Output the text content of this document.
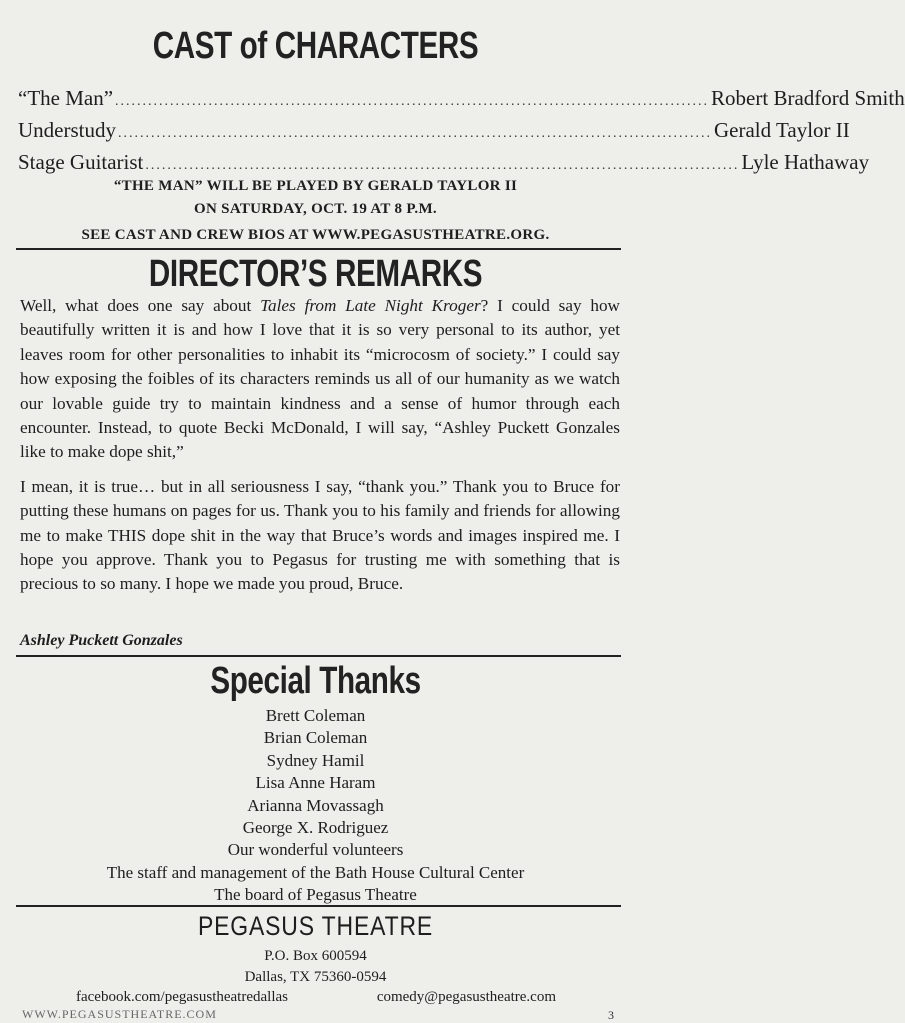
CAST of CHARACTERS
“The Man” ............................................................................................................ Robert Bradford Smith
Understudy ............................................................................................................ Gerald Taylor II
Stage Guitarist ............................................................................................................ Lyle Hathaway
“THE MAN” WILL BE PLAYED BY GERALD TAYLOR II
ON SATURDAY, OCT. 19 AT 8 P.M.
SEE CAST AND CREW BIOS AT WWW.PEGASUSTHEATRE.ORG.
DIRECTOR’S REMARKS

Well, what does one say about Tales from Late Night Kroger? I could say how beautifully written it is and how I love that it is so very personal to its author, yet leaves room for other personalities to inhabit its “microcosm of society.” I could say how exposing the foibles of its characters reminds us all of our humanity as we watch our lovable guide try to maintain kindness and a sense of humor through each encounter. Instead, to quote Becki McDonald, I will say, “Ashley Puckett Gonzales like to make dope shit,”

I mean, it is true… but in all seriousness I say, “thank you.” Thank you to Bruce for putting these humans on pages for us. Thank you to his family and friends for allowing me to make THIS dope shit in the way that Bruce’s words and images inspired me. I hope you approve. Thank you to Pegasus for trusting me with something that is precious to so many. I hope we made you proud, Bruce.

Ashley Puckett Gonzales
Special Thanks
Brett Coleman
Brian Coleman
Sydney Hamil
Lisa Anne Haram
Arianna Movassagh
George X. Rodriguez
Our wonderful volunteers
The staff and management of the Bath House Cultural Center
The board of Pegasus Theatre
PEGASUS THEATRE
P.O. Box 600594
Dallas, TX 75360-0594
facebook.com/pegasustheatredallas	comedy@pegasustheatre.com
WWW.PEGASUSTHEATRE.COM	3
